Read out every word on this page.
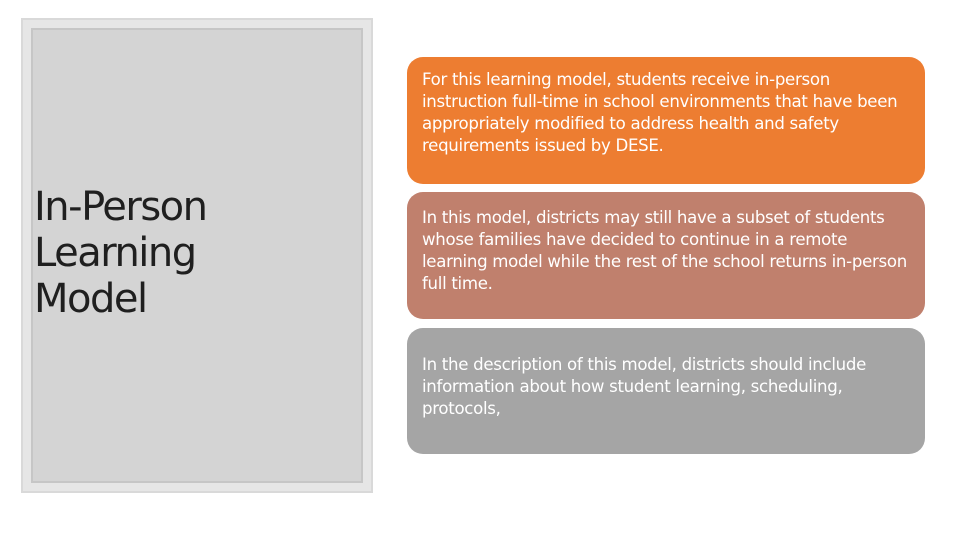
In-Person
Learning
Model
For this learning model, students receive in-person instruction full-time in school environments that have been appropriately modified to address health and safety requirements issued by DESE.
In this model, districts may still have a subset of students whose families have decided to continue in a remote learning model while the rest of the school returns in-person full time.
In the description of this model, districts should include information about how student learning, scheduling, protocols,
